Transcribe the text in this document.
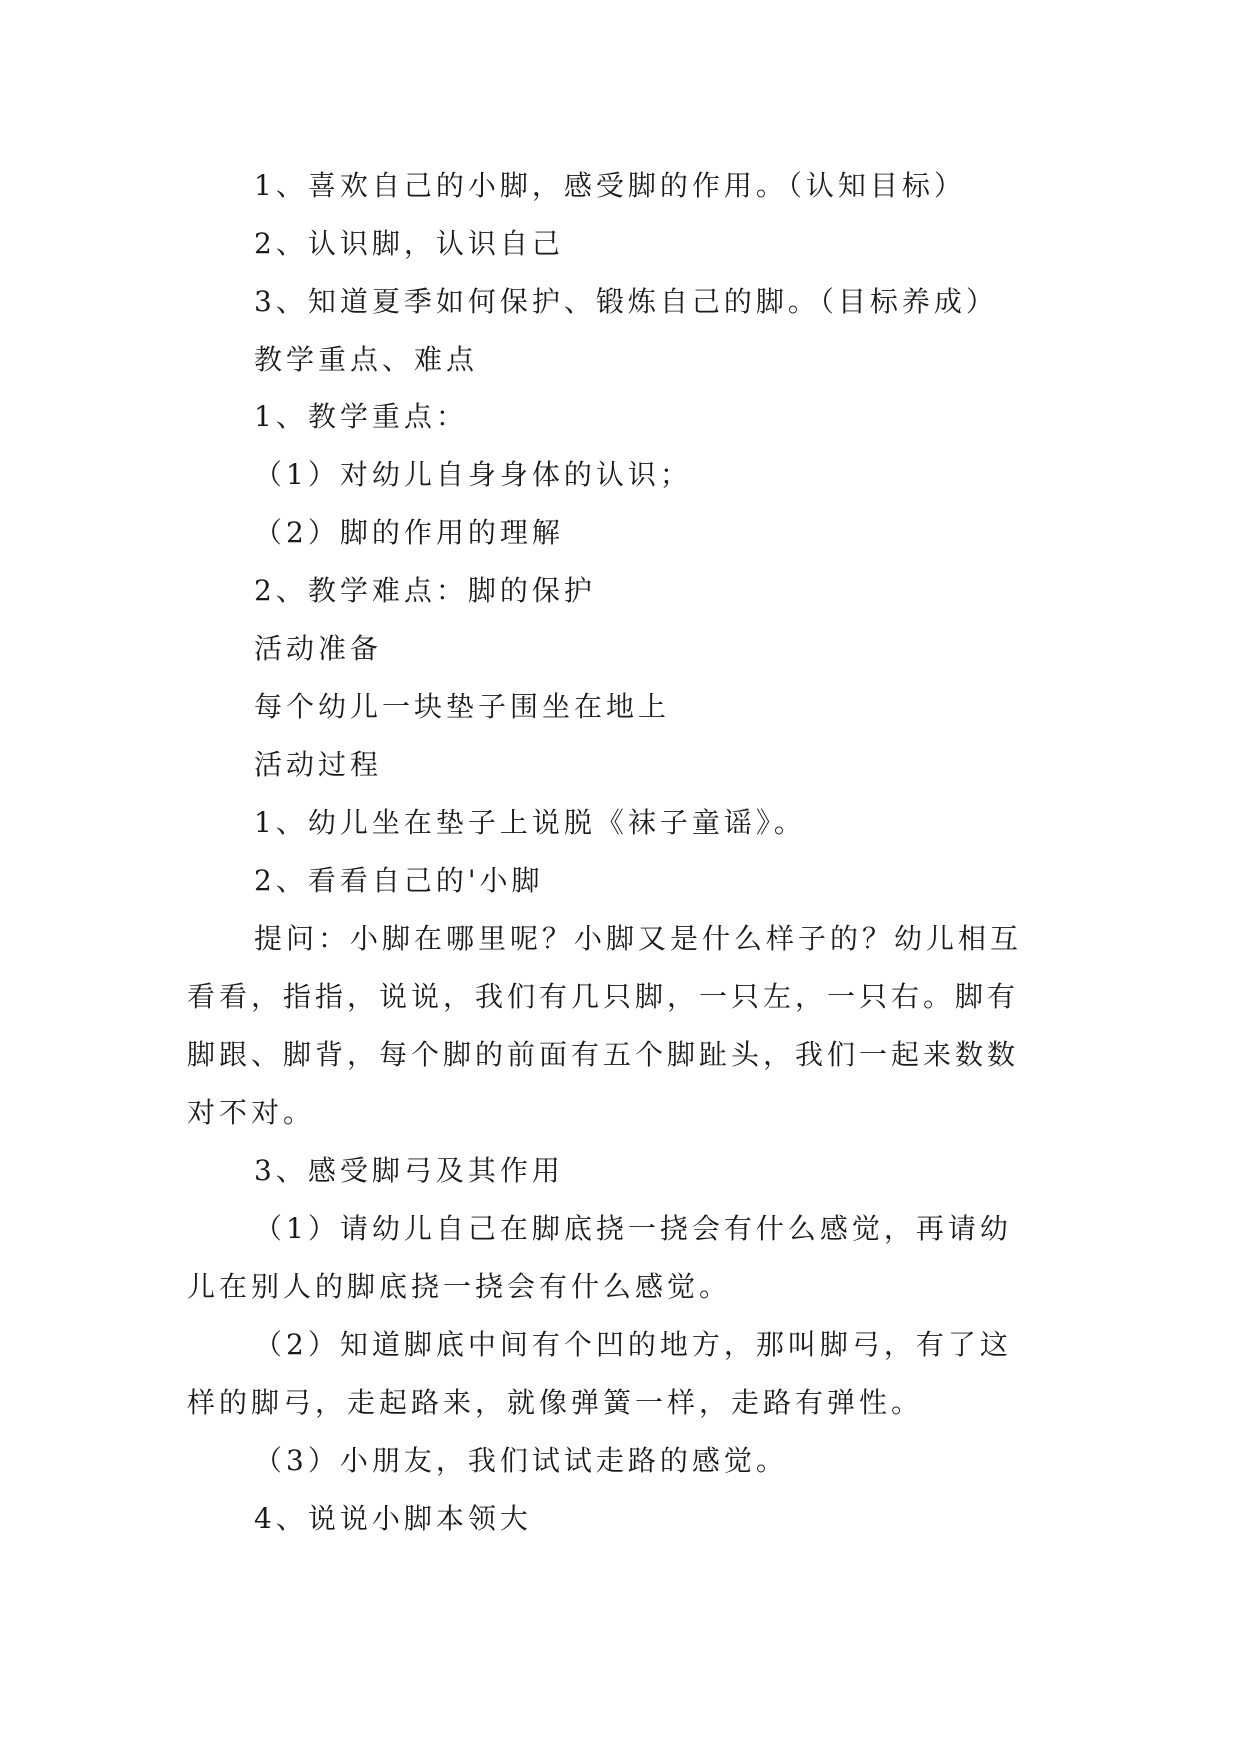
1、喜欢自己的小脚，感受脚的作用。（认知目标）
2、认识脚，认识自己
3、知道夏季如何保护、锻炼自己的脚。（目标养成）
教学重点、难点
1、教学重点：
（1）对幼儿自身身体的认识；
（2）脚的作用的理解
2、教学难点：脚的保护
活动准备
每个幼儿一块垫子围坐在地上
活动过程
1、幼儿坐在垫子上说脱《袜子童谣》。
2、看看自己的'小脚
提问：小脚在哪里呢？小脚又是什么样子的？幼儿相互
看看，指指，说说，我们有几只脚，一只左，一只右。脚有
脚跟、脚背，每个脚的前面有五个脚趾头，我们一起来数数
对不对。
3、感受脚弓及其作用
（1）请幼儿自己在脚底挠一挠会有什么感觉，再请幼
儿在别人的脚底挠一挠会有什么感觉。
（2）知道脚底中间有个凹的地方，那叫脚弓，有了这
样的脚弓，走起路来，就像弹簧一样，走路有弹性。
（3）小朋友，我们试试走路的感觉。
4、说说小脚本领大
